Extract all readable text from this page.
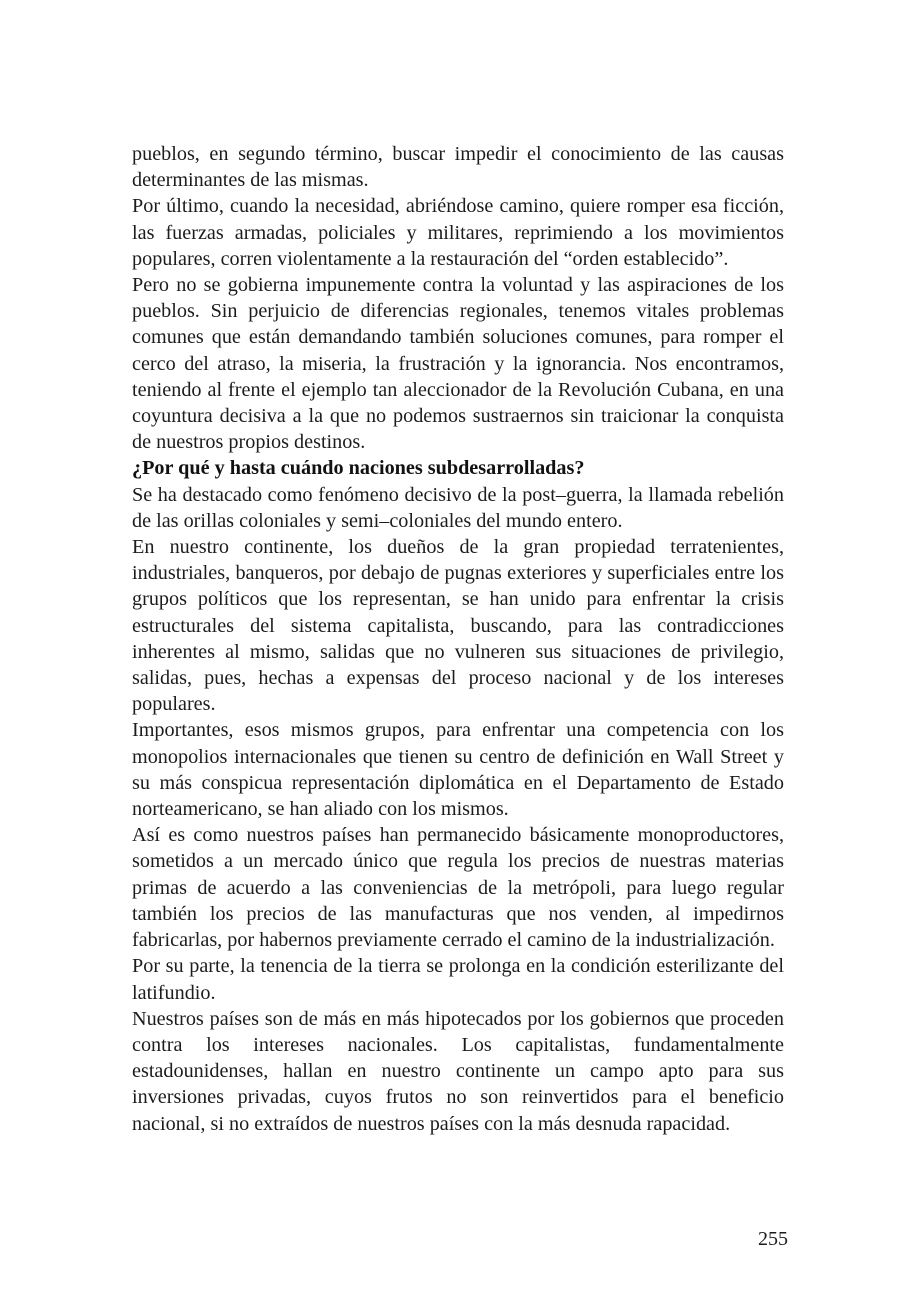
pueblos, en segundo término, buscar impedir el conocimiento de las causas determinantes de las mismas.

Por último, cuando la necesidad, abriéndose camino, quiere romper esa ficción, las fuerzas armadas, policiales y militares, reprimiendo a los movimientos populares, corren violentamente a la restauración del “orden establecido”.

Pero no se gobierna impunemente contra la voluntad y las aspiraciones de los pueblos. Sin perjuicio de diferencias regionales, tenemos vitales problemas comunes que están demandando también soluciones comunes, para romper el cerco del atraso, la miseria, la frustración y la ignorancia. Nos encontramos, teniendo al frente el ejemplo tan aleccionador de la Revolución Cubana, en una coyuntura decisiva a la que no podemos sustraernos sin traicionar la conquista de nuestros propios destinos.

¿Por qué y hasta cuándo naciones subdesarrolladas?

Se ha destacado como fenómeno decisivo de la post–guerra, la llamada rebelión de las orillas coloniales y semi–coloniales del mundo entero.

En nuestro continente, los dueños de la gran propiedad terratenientes, industriales, banqueros, por debajo de pugnas exteriores y superficiales entre los grupos políticos que los representan, se han unido para enfrentar la crisis estructurales del sistema capitalista, buscando, para las contradicciones inherentes al mismo, salidas que no vulneren sus situaciones de privilegio, salidas, pues, hechas a expensas del proceso nacional y de los intereses populares.

Importantes, esos mismos grupos, para enfrentar una competencia con los monopolios internacionales que tienen su centro de definición en Wall Street y su más conspicua representación diplomática en el Departamento de Estado norteamericano, se han aliado con los mismos.

Así es como nuestros países han permanecido básicamente monoproductores, sometidos a un mercado único que regula los precios de nuestras materias primas de acuerdo a las conveniencias de la metrópoli, para luego regular también los precios de las manufacturas que nos venden, al impedirnos fabricarlas, por habernos previamente cerrado el camino de la industrialización.

Por su parte, la tenencia de la tierra se prolonga en la condición esterilizante del latifundio.

Nuestros países son de más en más hipotecados por los gobiernos que proceden contra los intereses nacionales. Los capitalistas, fundamentalmente estadounidenses, hallan en nuestro continente un campo apto para sus inversiones privadas, cuyos frutos no son reinvertidos para el beneficio nacional, si no extraídos de nuestros países con la más desnuda rapacidad.

255
